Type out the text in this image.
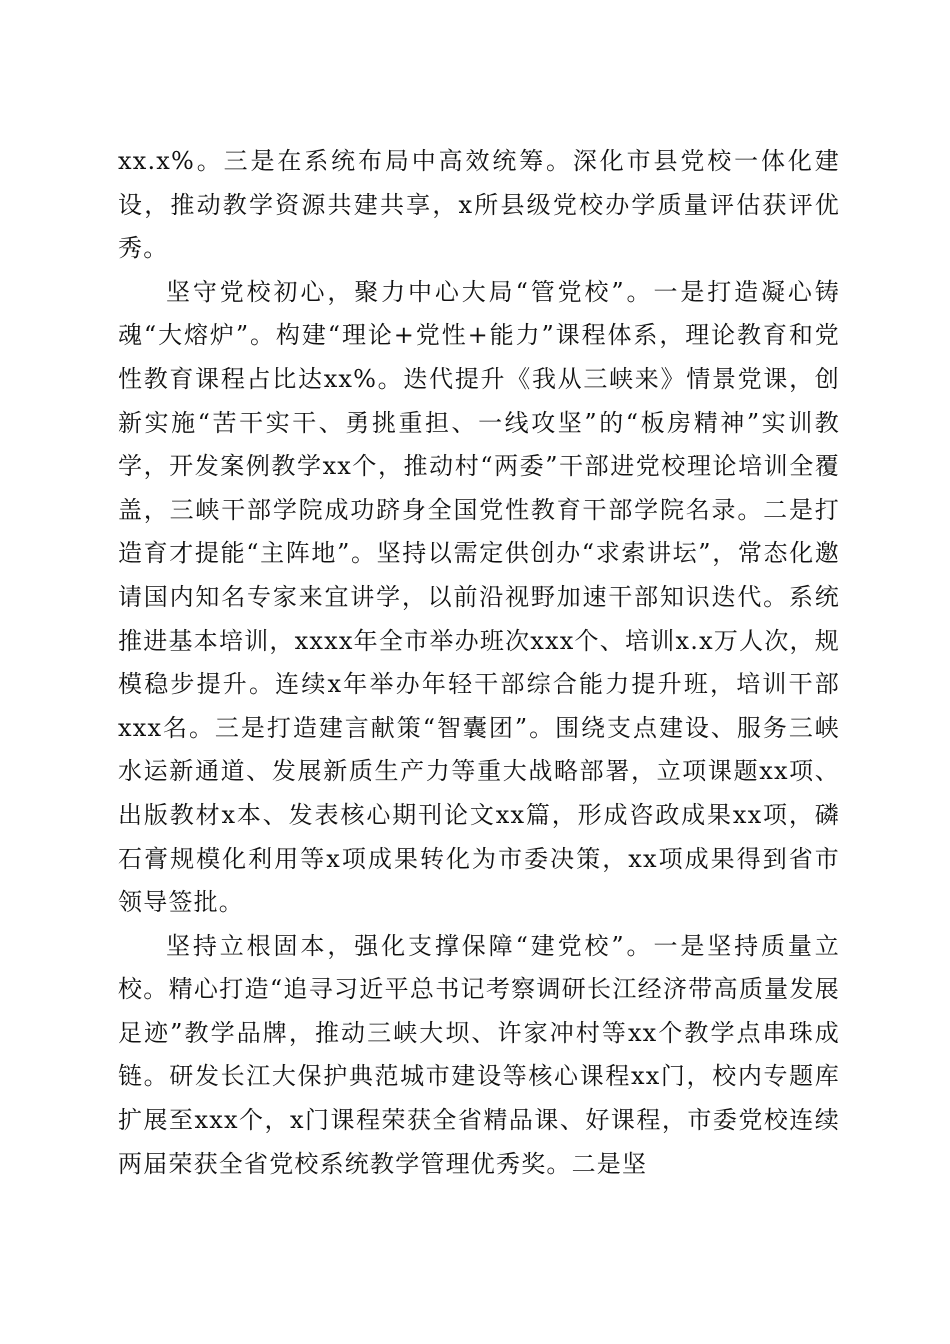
xx.x%。三是在系统布局中高效统筹。深化市县党校一体化建设，推动教学资源共建共享，x所县级党校办学质量评估获评优秀。

坚守党校初心，聚力中心大局“管党校”。一是打造凝心铸魂“大熔炉”。构建“理论+党性+能力”课程体系，理论教育和党性教育课程占比达xx%。迭代提升《我从三峡来》情景党课，创新实施“苦干实干、勇挑重担、一线攻坚”的“板房精神”实训教学，开发案例教学xx个，推动村“两委”干部进党校理论培训全覆盖，三峡干部学院成功跻身全国党性教育干部学院名录。二是打造育才提能“主阵地”。坚持以需定供创办“求索讲坛”，常态化邀请国内知名专家来宜讲学，以前沿视野加速干部知识迭代。系统推进基本培训，xxxx年全市举办班次xxx个、培训x.x万人次，规模稳步提升。连续x年举办年轻干部综合能力提升班，培训干部xxx名。三是打造建言献策“智囊团”。围绕支点建设、服务三峡水运新通道、发展新质生产力等重大战略部署，立项课题xx项、出版教材x本、发表核心期刊论文xx篇，形成咨政成果xx项，磷石膏规模化利用等x项成果转化为市委决策，xx项成果得到省市领导签批。

坚持立根固本，强化支撑保障“建党校”。一是坚持质量立校。精心打造“追寻习近平总书记考察调研长江经济带高质量发展足迹”教学品牌，推动三峡大坝、许家冲村等xx个教学点串珠成链。研发长江大保护典范城市建设等核心课程xx门，校内专题库扩展至xxx个，x门课程荣获全省精品课、好课程，市委党校连续两届荣获全省党校系统教学管理优秀奖。二是坚
